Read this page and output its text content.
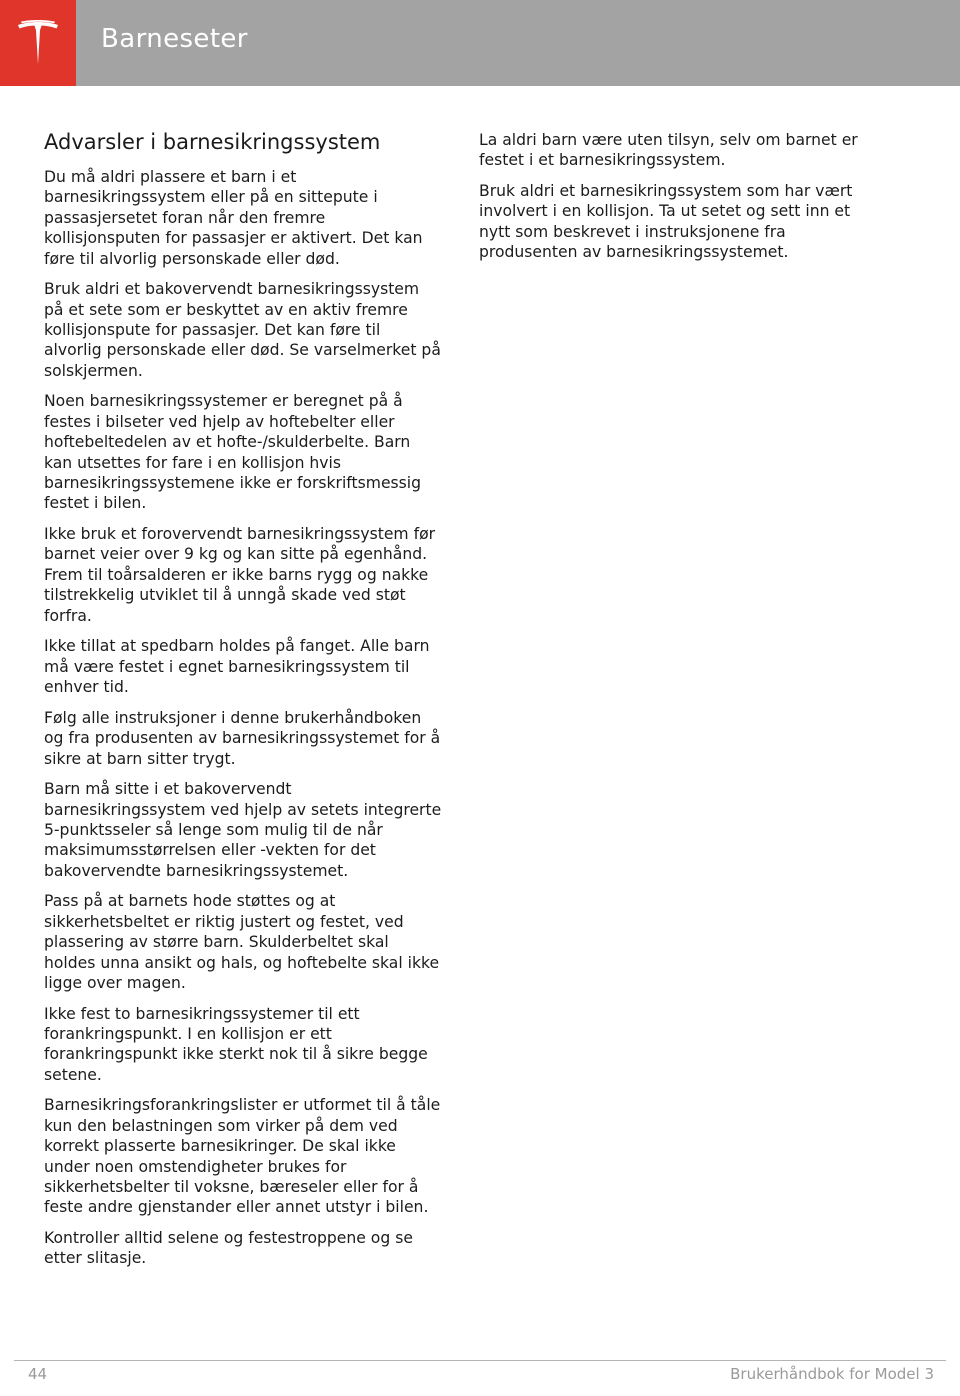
Barneseter
Advarsler i barnesikringssystem

Du må aldri plassere et barn i et barnesikringssystem eller på en sittepute i passasjersetet foran når den fremre kollisjonsputen for passasjer er aktivert. Det kan føre til alvorlig personskade eller død.

Bruk aldri et bakovervendt barnesikringssystem på et sete som er beskyttet av en aktiv fremre kollisjonspute for passasjer. Det kan føre til alvorlig personskade eller død. Se varselmerket på solskjermen.

Noen barnesikringssystemer er beregnet på å festes i bilseter ved hjelp av hoftebelter eller hoftebeltedelen av et hofte-/skulderbelte. Barn kan utsettes for fare i en kollisjon hvis barnesikringssystemene ikke er forskriftsmessig festet i bilen.

Ikke bruk et forovervendt barnesikringssystem før barnet veier over 9 kg og kan sitte på egenhånd. Frem til toårsalderen er ikke barns rygg og nakke tilstrekkelig utviklet til å unngå skade ved støt forfra.

Ikke tillat at spedbarn holdes på fanget. Alle barn må være festet i egnet barnesikringssystem til enhver tid.

Følg alle instruksjoner i denne brukerhåndboken og fra produsenten av barnesikringssystemet for å sikre at barn sitter trygt.

Barn må sitte i et bakovervendt barnesikringssystem ved hjelp av setets integrerte 5-punktsseler så lenge som mulig til de når maksimumsstørrelsen eller -vekten for det bakovervendte barnesikringssystemet.

Pass på at barnets hode støttes og at sikkerhetsbeltet er riktig justert og festet, ved plassering av større barn. Skulderbeltet skal holdes unna ansikt og hals, og hoftebelte skal ikke ligge over magen.

Ikke fest to barnesikringssystemer til ett forankringspunkt. I en kollisjon er ett forankringspunkt ikke sterkt nok til å sikre begge setene.

Barnesikringsforankringslister er utformet til å tåle kun den belastningen som virker på dem ved korrekt plasserte barnesikringer. De skal ikke under noen omstendigheter brukes for sikkerhetsbelter til voksne, bæreseler eller for å feste andre gjenstander eller annet utstyr i bilen.

Kontroller alltid selene og festestroppene og se etter slitasje.

La aldri barn være uten tilsyn, selv om barnet er festet i et barnesikringssystem.

Bruk aldri et barnesikringssystem som har vært involvert i en kollisjon. Ta ut setet og sett inn et nytt som beskrevet i instruksjonene fra produsenten av barnesikringssystemet.

44	Brukerhåndbok for Model 3
